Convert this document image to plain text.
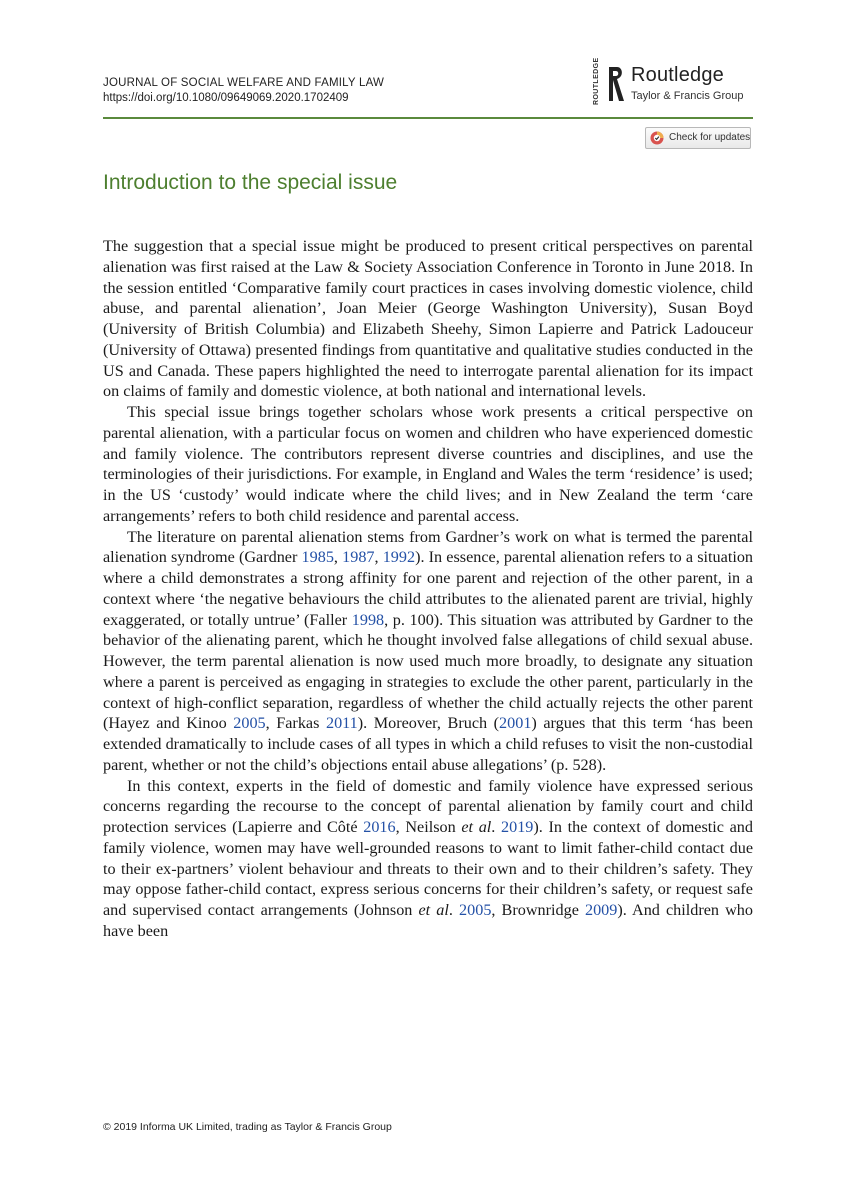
JOURNAL OF SOCIAL WELFARE AND FAMILY LAW
https://doi.org/10.1080/09649069.2020.1702409	ROUTLEDGE Routledge
Taylor & Francis Group
Check for updates
Introduction to the special issue

The suggestion that a special issue might be produced to present critical perspectives on parental alienation was first raised at the Law & Society Association Conference in Toronto in June 2018. In the session entitled ‘Comparative family court practices in cases involving domestic violence, child abuse, and parental alienation’, Joan Meier (George Washington University), Susan Boyd (University of British Columbia) and Elizabeth Sheehy, Simon Lapierre and Patrick Ladouceur (University of Ottawa) presented findings from quantitative and qualitative studies conducted in the US and Canada. These papers highlighted the need to interrogate parental alienation for its impact on claims of family and domestic violence, at both national and international levels.

This special issue brings together scholars whose work presents a critical perspective on parental alienation, with a particular focus on women and children who have experienced domestic and family violence. The contributors represent diverse countries and disciplines, and use the terminologies of their jurisdictions. For example, in England and Wales the term ‘residence’ is used; in the US ‘custody’ would indicate where the child lives; and in New Zealand the term ‘care arrangements’ refers to both child residence and parental access.

The literature on parental alienation stems from Gardner’s work on what is termed the parental alienation syndrome (Gardner 1985, 1987, 1992). In essence, parental alienation refers to a situation where a child demonstrates a strong affinity for one parent and rejection of the other parent, in a context where ‘the negative behaviours the child attributes to the alienated parent are trivial, highly exaggerated, or totally untrue’ (Faller 1998, p. 100). This situation was attributed by Gardner to the behavior of the alienating parent, which he thought involved false allegations of child sexual abuse. However, the term parental alienation is now used much more broadly, to designate any situation where a parent is perceived as engaging in strategies to exclude the other parent, particularly in the context of high-conflict separation, regardless of whether the child actually rejects the other parent (Hayez and Kinoo 2005, Farkas 2011). Moreover, Bruch (2001) argues that this term ‘has been extended dramatically to include cases of all types in which a child refuses to visit the non-custodial parent, whether or not the child’s objections entail abuse allegations’ (p. 528).

In this context, experts in the field of domestic and family violence have expressed serious concerns regarding the recourse to the concept of parental alienation by family court and child protection services (Lapierre and Côté 2016, Neilson et al. 2019). In the context of domestic and family violence, women may have well-grounded reasons to want to limit father-child contact due to their ex-partners’ violent behaviour and threats to their own and to their children’s safety. They may oppose father-child contact, express serious concerns for their children’s safety, or request safe and supervised contact arrangements (Johnson et al. 2005, Brownridge 2009). And children who have been

© 2019 Informa UK Limited, trading as Taylor & Francis Group
